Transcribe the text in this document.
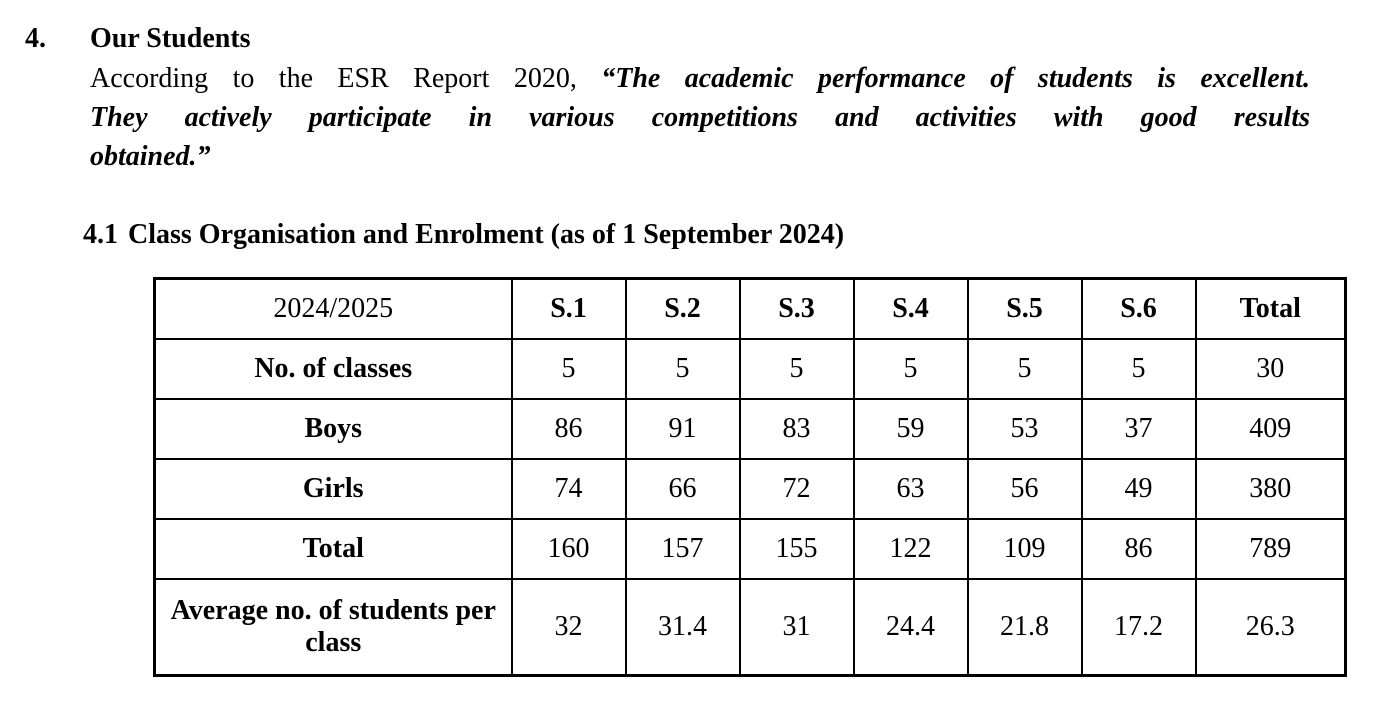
4. Our Students
According to the ESR Report 2020, “The academic performance of students is excellent.
They actively participate in various competitions and activities with good results
obtained.”
4.1 Class Organisation and Enrolment (as of 1 September 2024)
2024/2025	S.1	S.2	S.3	S.4	S.5	S.6	Total
No. of classes	5	5	5	5	5	5	30
Boys	86	91	83	59	53	37	409
Girls	74	66	72	63	56	49	380
Total	160	157	155	122	109	86	789
Average no. of students per class	32	31.4	31	24.4	21.8	17.2	26.3
